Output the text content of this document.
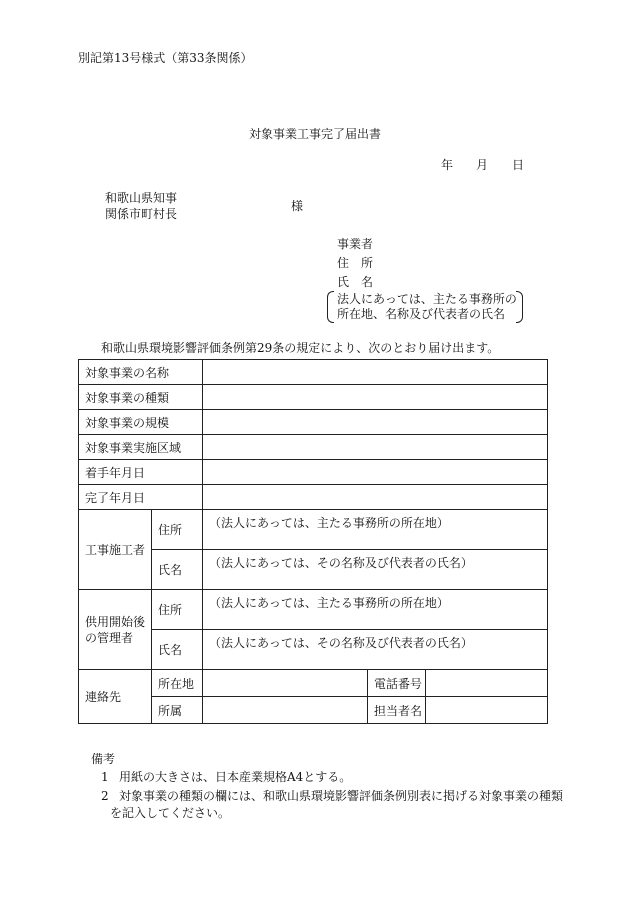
別記第13号様式（第33条関係）
対象事業工事完了届出書
年 月 日
和歌山県知事
関係市町村長
様
事業者
住　所
氏　名
法人にあっては、主たる事務所の
所在地、名称及び代表者の氏名
和歌山県環境影響評価条例第29条の規定により、次のとおり届け出ます。
対象事業の名称				
対象事業の種類				
対象事業の規模				
対象事業実施区域				
着手年月日				
完了年月日				
工事施工者	住所	（法人にあっては、主たる事務所の所在地）		
	氏名	（法人にあっては、その名称及び代表者の氏名）		
供用開始後
の管理者	住所	（法人にあっては、主たる事務所の所在地）		
	氏名	（法人にあっては、その名称及び代表者の氏名）		
連絡先	所在地		電話番号	
	所属		担当者名	
備考
1 用紙の大きさは、日本産業規格A4とする。
2 対象事業の種類の欄には、和歌山県環境影響評価条例別表に掲げる対象事業の種類
を記入してください。
